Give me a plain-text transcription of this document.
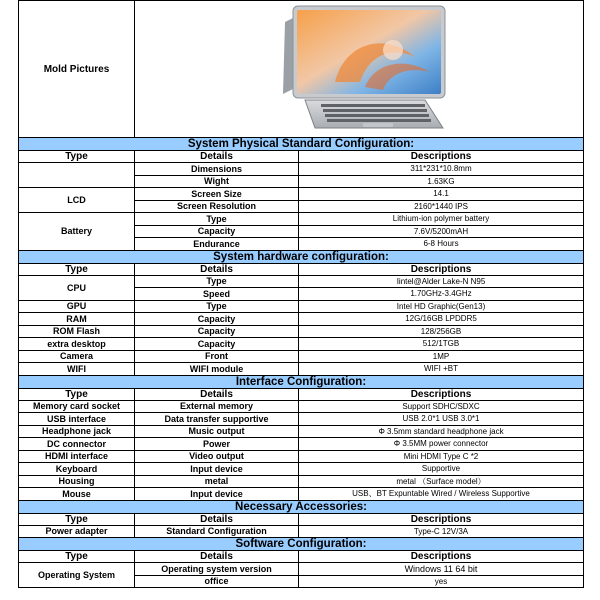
Mold Pictures	

System Physical Standard Configuration:		
Type	Details	Descriptions
	Dimensions	311*231*10.8mm
	Wight	1.63KG
LCD	Screen Size	14.1
	Screen Resolution	2160*1440 IPS
Battery	Type	Lithium-ion polymer battery
	Capacity	7.6V/5200mAH
	Endurance	6-8 Hours
System hardware configuration:		
Type	Details	Descriptions
CPU	Type	Iintel@Alder Lake-N N95
	Speed	1.70GHz-3.4GHz
GPU	Type	Intel HD Graphic(Gen13)
RAM	Capacity	12G/16GB LPDDR5
ROM Flash	Capacity	128/256GB
extra desktop	Capacity	512/1TGB
Camera	Front	1MP
WIFI	WIFI module	WIFI +BT
Interface Configuration:		
Type	Details	Descriptions
Memory card socket	External memory	Support SDHC/SDXC
USB interface	Data transfer supportive	USB 2.0*1 USB 3.0*1
Headphone jack	Music output	Φ 3.5mm standard headphone jack
DC connector	Power	Φ 3.5MM power connector
HDMI interface	Video output	Mini HDMI Type C *2
Keyboard	Input device	Supportive
Housing	metal	metal （Surface model）
Mouse	Input device	USB、BT Expuntable Wired / Wireless Supportive
Necessary Accessories:		
Type	Details	Descriptions
Power adapter	Standard Configuration	Type-C 12V/3A
Software Configuration:		
Type	Details	Descriptions
Operating System	Operating system version	Windows 11 64 bit
	office	yes
